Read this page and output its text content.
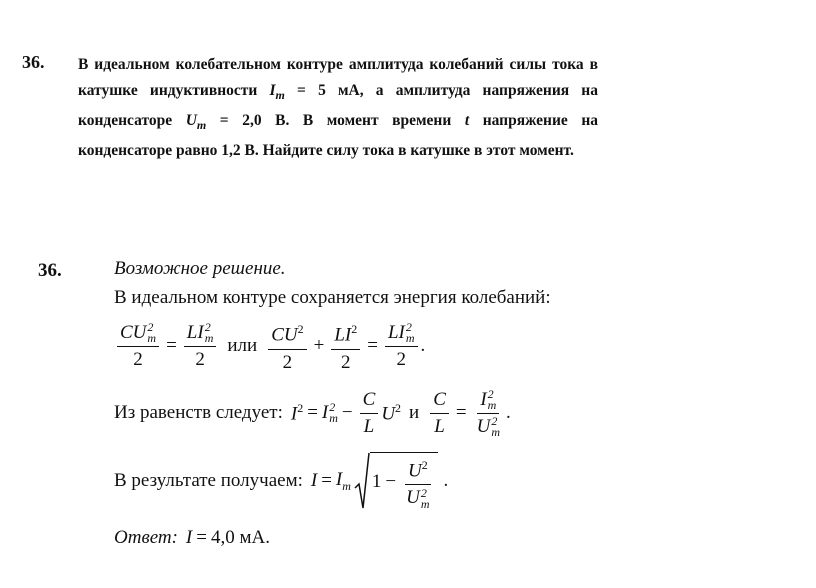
36. В идеальном колебательном контуре амплитуда колебаний силы тока в катушке индуктивности $I_m = 5$ мА, а амплитуда напряжения на конденсаторе $U_m = 2,0$ В. В момент времени t напряжение на конденсаторе равно 1,2 В. Найдите силу тока в катушке в этот момент.
36.	Возможное решение.
В идеальном контуре сохраняется энергия колебаний:
CU 2
m
2 = LI 2
m
2 или $\frac{CU^2}{2} + \frac{LI^2}{2}$ = LI 2
m
2 .
Из равенств следует: $I^2 = I$ 2
$m - \frac{C}{L} U^2$ и $\frac{C}{L} = I$ 2
m
U 2
m .
В результате получаем: $I = I_m$ $1 - U^2$
U 2
m .
Ответ: I = 4,0 мА.
